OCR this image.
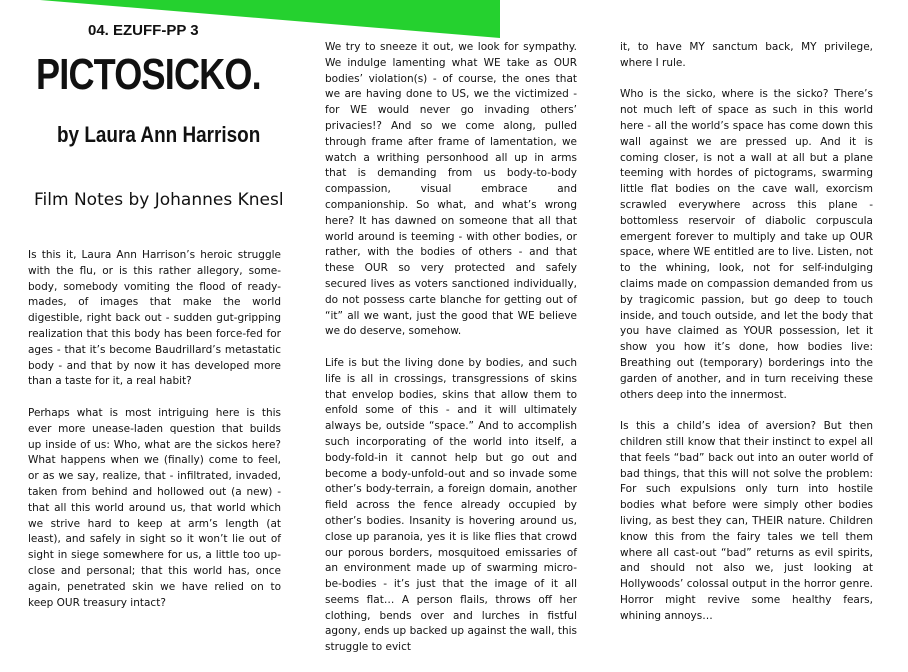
04. EZUFF-PP 3
PICTOSICKO.
by Laura Ann Harrison
Film Notes by Johannes Knesl

Is this it, Laura Ann Harrison’s heroic struggle with the flu, or is this rather allegory, some-body, somebody vomiting the flood of ready-mades, of images that make the world digestible, right back out - sudden gut-gripping realization that this body has been force-fed for ages - that it’s become Baudrillard’s metastatic body - and that by now it has developed more than a taste for it, a real habit?

Perhaps what is most intriguing here is this ever more unease-laden question that builds up inside of us: Who, what are the sickos here? What happens when we (finally) come to feel, or as we say, realize, that - infiltrated, invaded, taken from behind and hollowed out (a new) - that all this world around us, that world which we strive hard to keep at arm’s length (at least), and safely in sight so it won’t lie out of sight in siege somewhere for us, a little too up-close and personal; that this world has, once again, penetrated skin we have relied on to keep OUR treasury intact?

We try to sneeze it out, we look for sympathy. We indulge lamenting what WE take as OUR bodies’ violation(s) - of course, the ones that we are having done to US, we the victimized - for WE would never go invading others’ privacies!? And so we come along, pulled through frame after frame of lamentation, we watch a writhing personhood all up in arms that is demanding from us body-to-body compassion, visual embrace and companionship. So what, and what’s wrong here? It has dawned on someone that all that world around is teeming - with other bodies, or rather, with the bodies of others - and that these OUR so very protected and safely secured lives as voters sanctioned individually, do not possess carte blanche for getting out of “it” all we want, just the good that WE believe we do deserve, somehow.

Life is but the living done by bodies, and such life is all in crossings, transgressions of skins that envelop bodies, skins that allow them to enfold some of this - and it will ultimately always be, outside “space.” And to accomplish such incorporating of the world into itself, a body-fold-in it cannot help but go out and become a body-unfold-out and so invade some other’s body-terrain, a foreign domain, another field across the fence already occupied by other’s bodies. Insanity is hovering around us, close up paranoia, yes it is like flies that crowd our porous borders, mosquitoed emissaries of an environment made up of swarming micro-be-bodies - it’s just that the image of it all seems flat… A person flails, throws off her clothing, bends over and lurches in fistful agony, ends up backed up against the wall, this struggle to evict

it, to have MY sanctum back, MY privilege, where I rule.

Who is the sicko, where is the sicko? There’s not much left of space as such in this world here - all the world’s space has come down this wall against we are pressed up. And it is coming closer, is not a wall at all but a plane teeming with hordes of pictograms, swarming little flat bodies on the cave wall, exorcism scrawled everywhere across this plane - bottomless reservoir of diabolic corpuscula emergent forever to multiply and take up OUR space, where WE entitled are to live. Listen, not to the whining, look, not for self-indulging claims made on compassion demanded from us by tragicomic passion, but go deep to touch inside, and touch outside, and let the body that you have claimed as YOUR possession, let it show you how it’s done, how bodies live: Breathing out (temporary) borderings into the garden of another, and in turn receiving these others deep into the innermost.

Is this a child’s idea of aversion? But then children still know that their instinct to expel all that feels “bad” back out into an outer world of bad things, that this will not solve the problem: For such expulsions only turn into hostile bodies what before were simply other bodies living, as best they can, THEIR nature. Children know this from the fairy tales we tell them where all cast-out “bad” returns as evil spirits, and should not also we, just looking at Hollywoods’ colossal output in the horror genre. Horror might revive some healthy fears, whining annoys…
